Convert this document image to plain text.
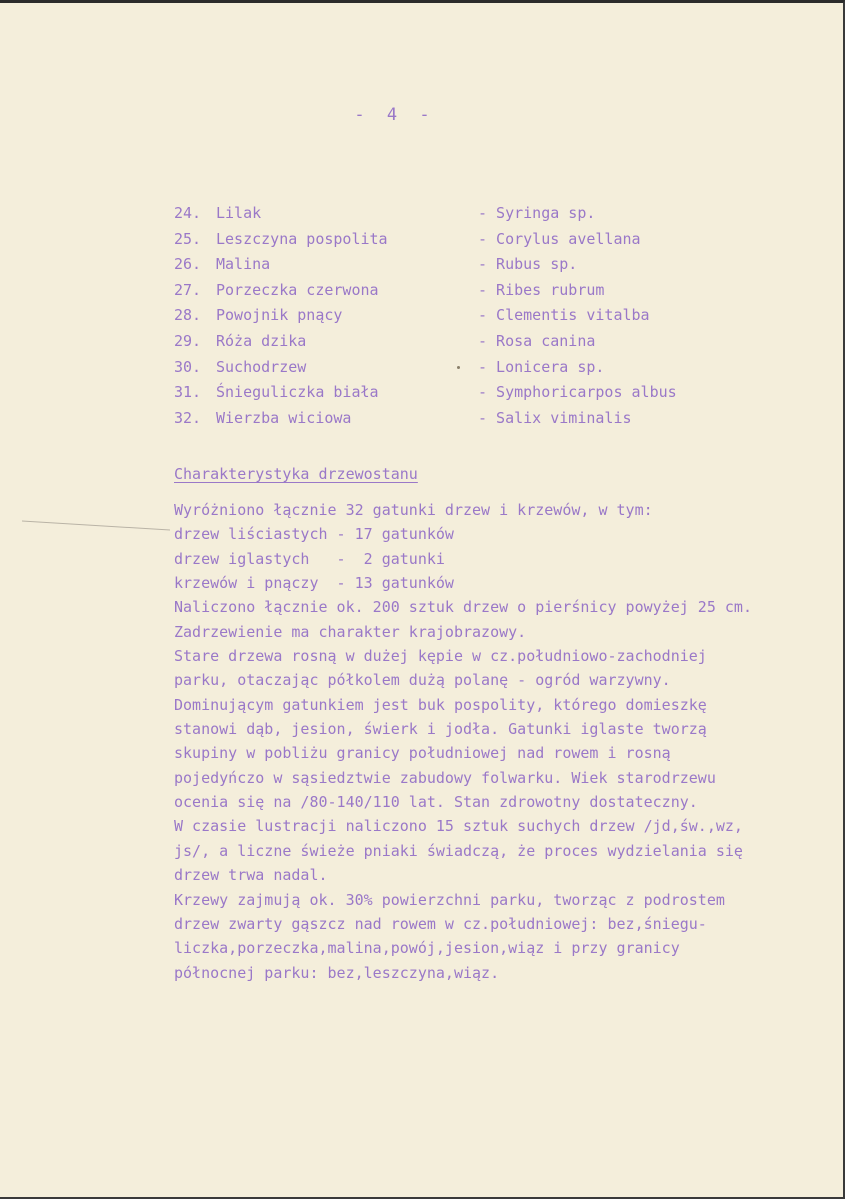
- 4 -
24. Lilak	- Syringa sp.
25. Leszczyna pospolita	- Corylus avellana
26. Malina	- Rubus sp.
27. Porzeczka czerwona	- Ribes rubrum
28. Powojnik pnący	- Clementis vitalba
29. Róża dzika	- Rosa canina
30. Suchodrzew	- Lonicera sp.
31. Śnieguliczka biała	- Symphoricarpos albus
32. Wierzba wiciowa	- Salix viminalis
Charakterystyka drzewostanu
Wyróżniono łącznie 32 gatunki drzew i krzewów, w tym:
drzew liściastych - 17 gatunków
drzew iglastych   -  2 gatunki
krzewów i pnączy  - 13 gatunków
Naliczono łącznie ok. 200 sztuk drzew o pierśnicy powyżej 25 cm.
Zadrzewienie ma charakter krajobrazowy.
Stare drzewa rosną w dużej kępie w cz.południowo-zachodniej
parku, otaczając półkolem dużą polanę - ogród warzywny.
Dominującym gatunkiem jest buk pospolity, którego domieszkę
stanowi dąb, jesion, świerk i jodła. Gatunki iglaste tworzą
skupiny w pobliżu granicy południowej nad rowem i rosną
pojedyńczo w sąsiedztwie zabudowy folwarku. Wiek starodrzewu
ocenia się na /80-140/110 lat. Stan zdrowotny dostateczny.
W czasie lustracji naliczono 15 sztuk suchych drzew /jd,św.,wz,
js/, a liczne świeże pniaki świadczą, że proces wydzielania się
drzew trwa nadal.
Krzewy zajmują ok. 30% powierzchni parku, tworząc z podrostem
drzew zwarty gąszcz nad rowem w cz.południowej: bez,śniegu-
liczka,porzeczka,malina,powój,jesion,wiąz i przy granicy
północnej parku: bez,leszczyna,wiąz.
